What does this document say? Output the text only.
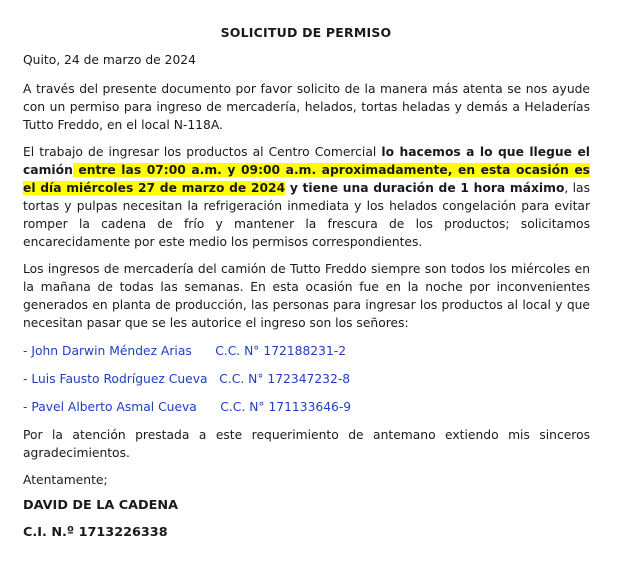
SOLICITUD DE PERMISO
Quito, 24 de marzo de 2024
A través del presente documento por favor solicito de la manera más atenta se nos ayude con un permiso para ingreso de mercadería, helados, tortas heladas y demás a Heladerías Tutto Freddo, en el local N-118A.
El trabajo de ingresar los productos al Centro Comercial lo hacemos a lo que llegue el camión entre las 07:00 a.m. y 09:00 a.m. aproximadamente, en esta ocasión es el día miércoles 27 de marzo de 2024 y tiene una duración de 1 hora máximo, las tortas y pulpas necesitan la refrigeración inmediata y los helados congelación para evitar romper la cadena de frío y mantener la frescura de los productos; solicitamos encarecidamente por este medio los permisos correspondientes.
Los ingresos de mercadería del camión de Tutto Freddo siempre son todos los miércoles en la mañana de todas las semanas. En esta ocasión fue en la noche por inconvenientes generados en planta de producción, las personas para ingresar los productos al local y que necesitan pasar que se les autorice el ingreso son los señores:
- John Darwin Méndez Arias      C.C. N° 172188231-2
- Luis Fausto Rodríguez Cueva   C.C. N° 172347232-8
- Pavel Alberto Asmal Cueva      C.C. N° 171133646-9
Por la atención prestada a este requerimiento de antemano extiendo mis sinceros agradecimientos.
Atentamente;
DAVID DE LA CADENA
C.I. N.º 1713226338
